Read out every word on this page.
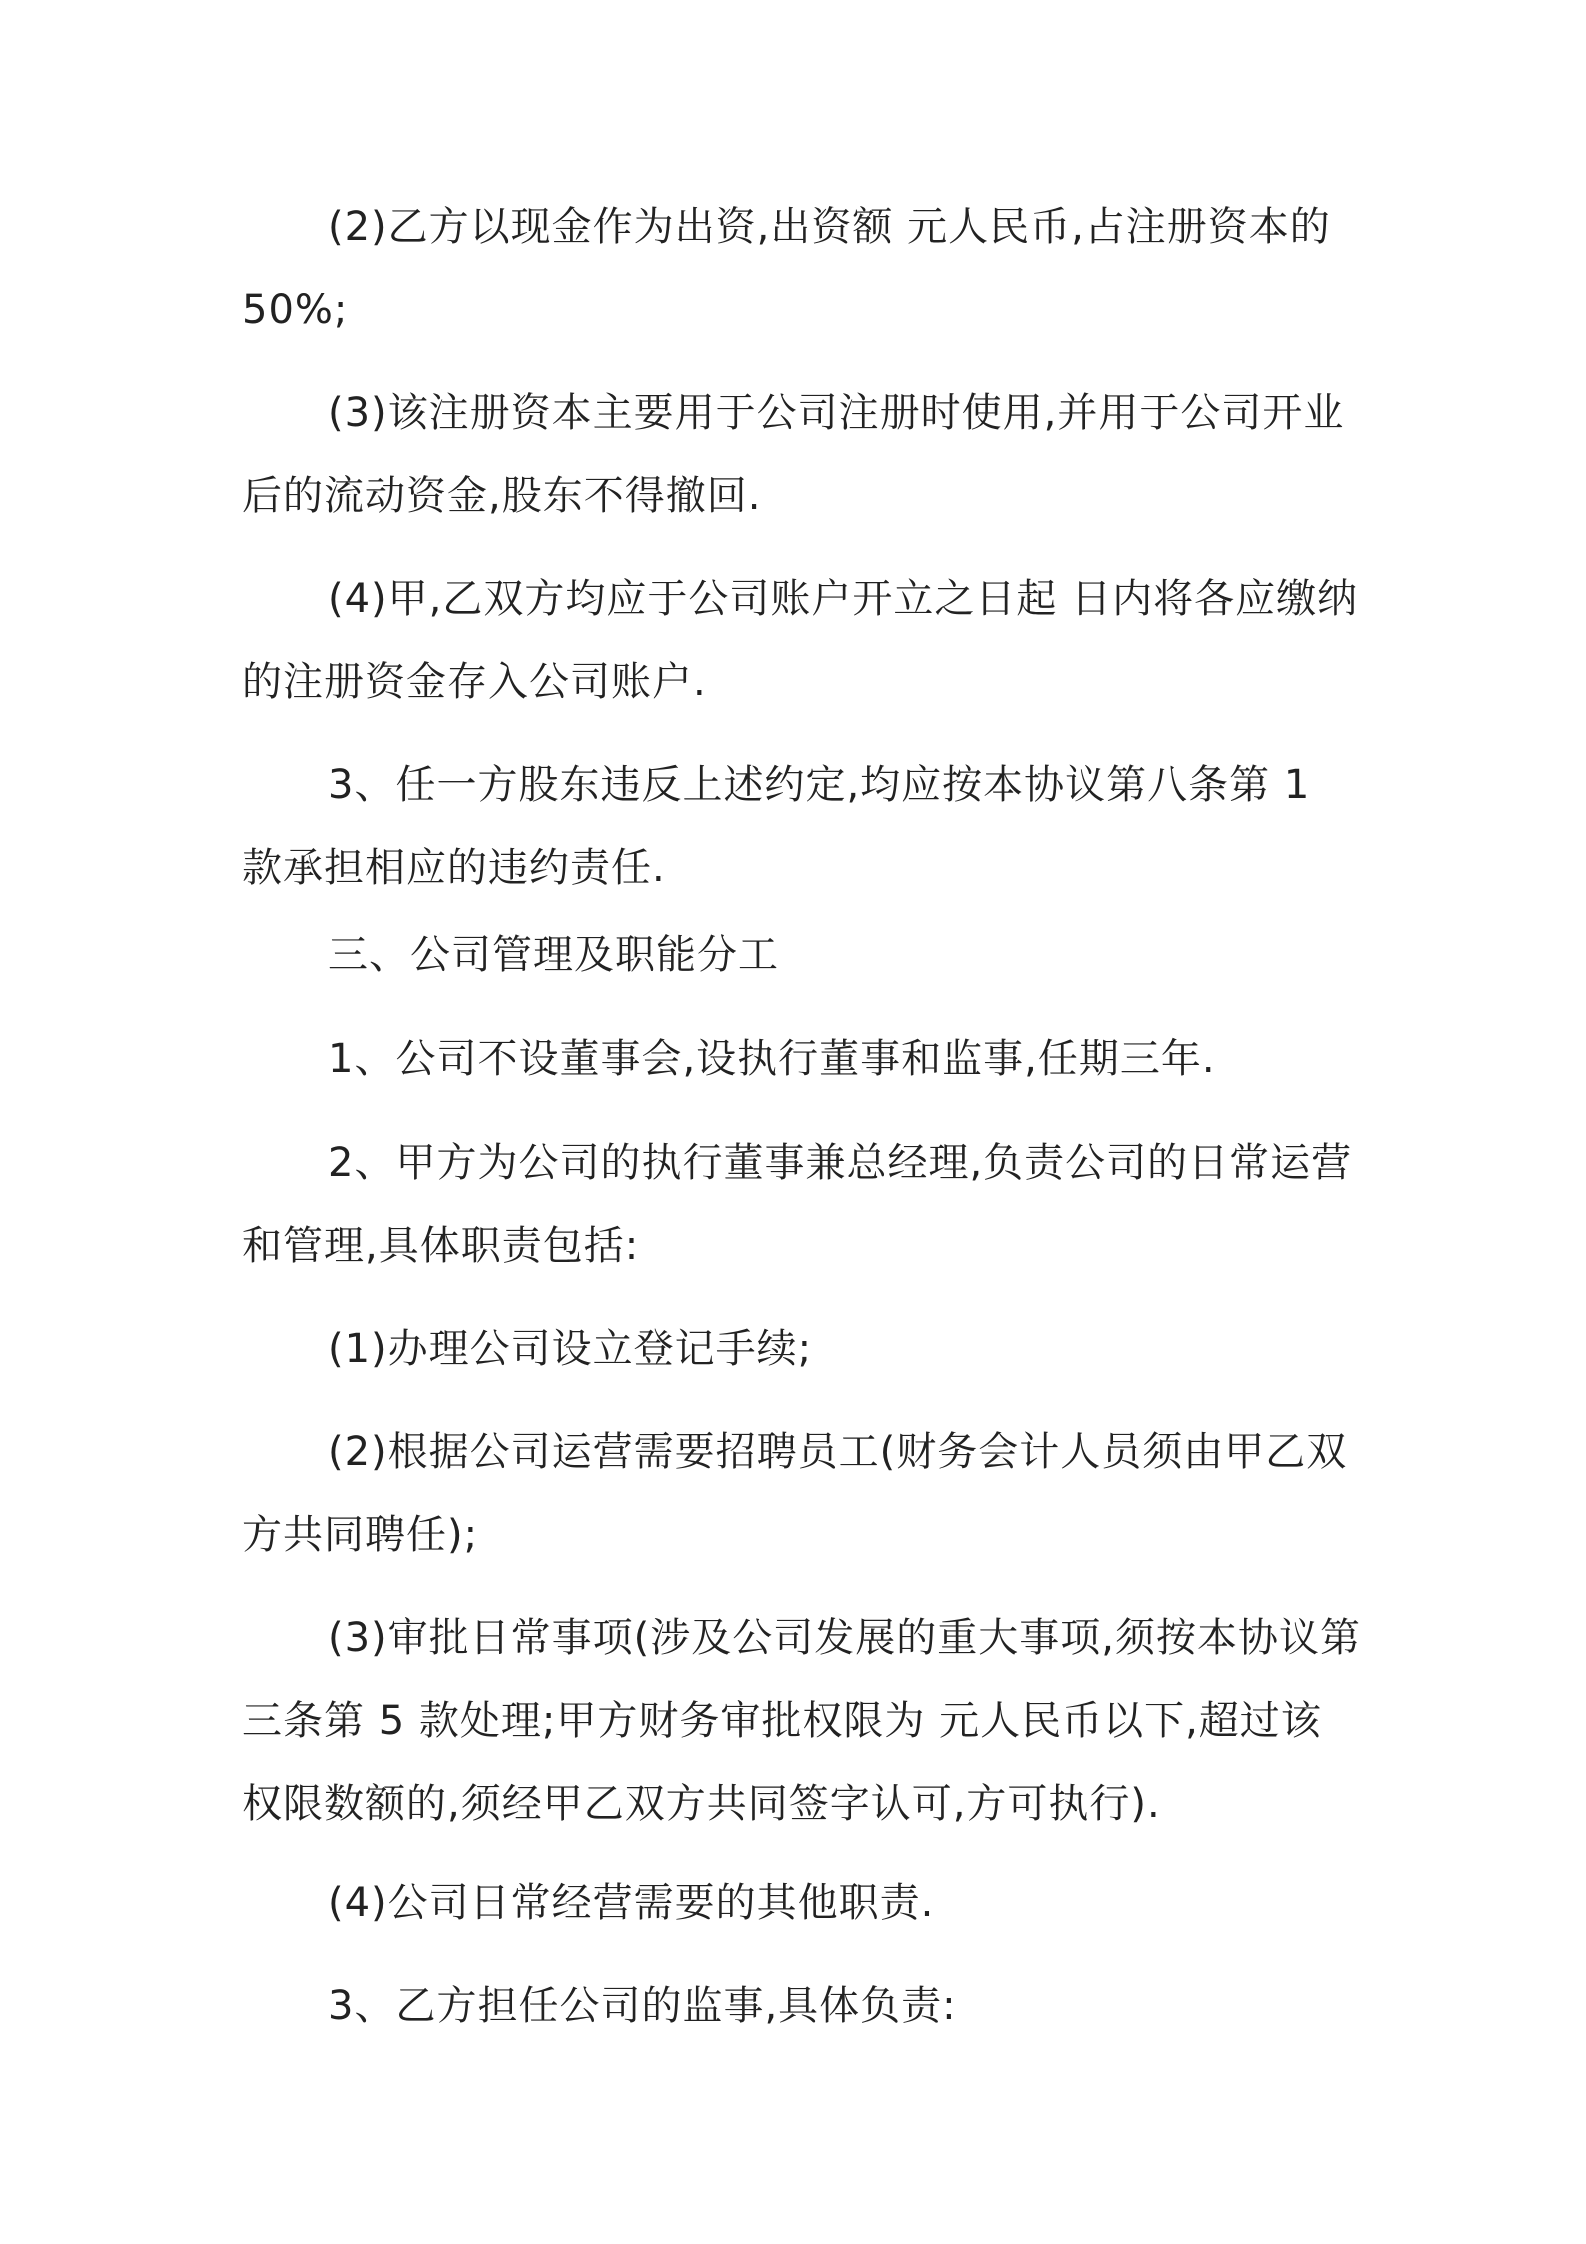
(2)乙方以现金作为出资,出资额 元人民币,占注册资本的 50%;

(3)该注册资本主要用于公司注册时使用,并用于公司开业后的流动资金,股东不得撤回.

(4)甲,乙双方均应于公司账户开立之日起 日内将各应缴纳的注册资金存入公司账户.

3、任一方股东违反上述约定,均应按本协议第八条第 1 款承担相应的违约责任.

三、公司管理及职能分工

1、公司不设董事会,设执行董事和监事,任期三年.

2、甲方为公司的执行董事兼总经理,负责公司的日常运营和管理,具体职责包括:

(1)办理公司设立登记手续;

(2)根据公司运营需要招聘员工(财务会计人员须由甲乙双方共同聘任);

(3)审批日常事项(涉及公司发展的重大事项,须按本协议第三条第 5 款处理;甲方财务审批权限为 元人民币以下,超过该权限数额的,须经甲乙双方共同签字认可,方可执行).

(4)公司日常经营需要的其他职责.

3、乙方担任公司的监事,具体负责:
